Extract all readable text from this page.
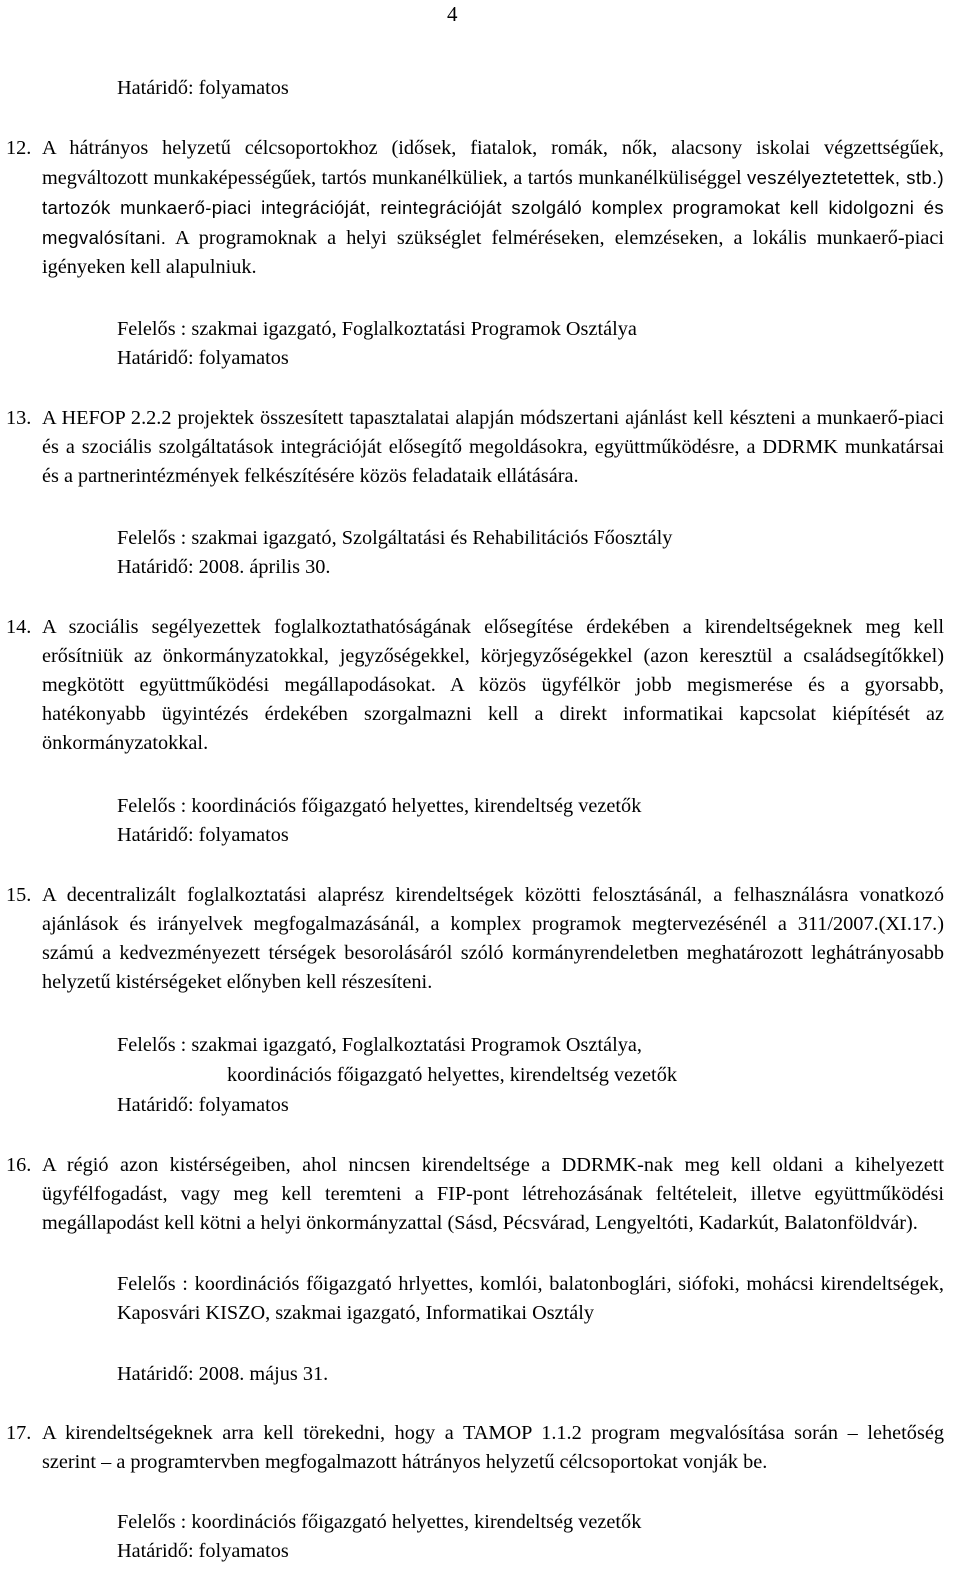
4
Határidő: folyamatos
12. A hátrányos helyzetű célcsoportokhoz (idősek, fiatalok, romák, nők, alacsony iskolai végzettségűek, megváltozott munkaképességűek, tartós munkanélküliek, a tartós munkanélküliséggel veszélyeztetettek, stb.) tartozók munkaerő-piaci integrációját, reintegrációját szolgáló komplex programokat kell kidolgozni és megvalósítani. A programoknak a helyi szükséglet felméréseken, elemzéseken, a lokális munkaerő-piaci igényeken kell alapulniuk.

Felelős : szakmai igazgató, Foglalkoztatási Programok Osztálya
Határidő: folyamatos
13. A HEFOP 2.2.2 projektek összesített tapasztalatai alapján módszertani ajánlást kell készteni a munkaerő-piaci és a szociális szolgáltatások integrációját elősegítő megoldásokra, együttműködésre, a DDRMK munkatársai és a partnerintézmények felkészítésére közös feladataik ellátására.
Felelős : szakmai igazgató, Szolgáltatási és Rehabilitációs Főosztály
Határidő: 2008. április 30.
14. A szociális segélyezettek foglalkoztathatóságának elősegítése érdekében a kirendeltségeknek meg kell erősítniük az önkormányzatokkal, jegyzőségekkel, körjegyzőségekkel (azon keresztül a családsegítőkkel) megkötött együttműködési megállapodásokat. A közös ügyfélkör jobb megismerése és a gyorsabb, hatékonyabb ügyintézés érdekében szorgalmazni kell a direkt informatikai kapcsolat kiépítését az önkormányzatokkal.
Felelős : koordinációs főigazgató helyettes, kirendeltség vezetők
Határidő: folyamatos
15. A decentralizált foglalkoztatási alaprész kirendeltségek közötti felosztásánál, a felhasználásra vonatkozó ajánlások és irányelvek megfogalmazásánál, a komplex programok megtervezésénél a 311/2007.(XI.17.) számú a kedvezményezett térségek besorolásáról szóló kormányrendeletben meghatározott leghátrányosabb helyzetű kistérségeket előnyben kell részesíteni.
Felelős : szakmai igazgató, Foglalkoztatási Programok Osztálya,
koordinációs főigazgató helyettes, kirendeltség vezetők
Határidő: folyamatos
16. A régió azon kistérségeiben, ahol nincsen kirendeltsége a DDRMK-nak meg kell oldani a kihelyezett ügyfélfogadást, vagy meg kell teremteni a FIP-pont létrehozásának feltételeit, illetve együttműködési megállapodást kell kötni a helyi önkormányzattal (Sásd, Pécsvárad, Lengyeltóti, Kadarkút, Balatonföldvár).
Felelős : koordinációs főigazgató hrlyettes, komlói, balatonboglári, siófoki, mohácsi kirendeltségek, Kaposvári KISZO, szakmai igazgató, Informatikai Osztály
Határidő: 2008. május 31.
17. A kirendeltségeknek arra kell törekedni, hogy a TAMOP 1.1.2 program megvalósítása során – lehetőség szerint – a programtervben megfogalmazott hátrányos helyzetű célcsoportokat vonják be.
Felelős : koordinációs főigazgató helyettes, kirendeltség vezetők
Határidő: folyamatos
